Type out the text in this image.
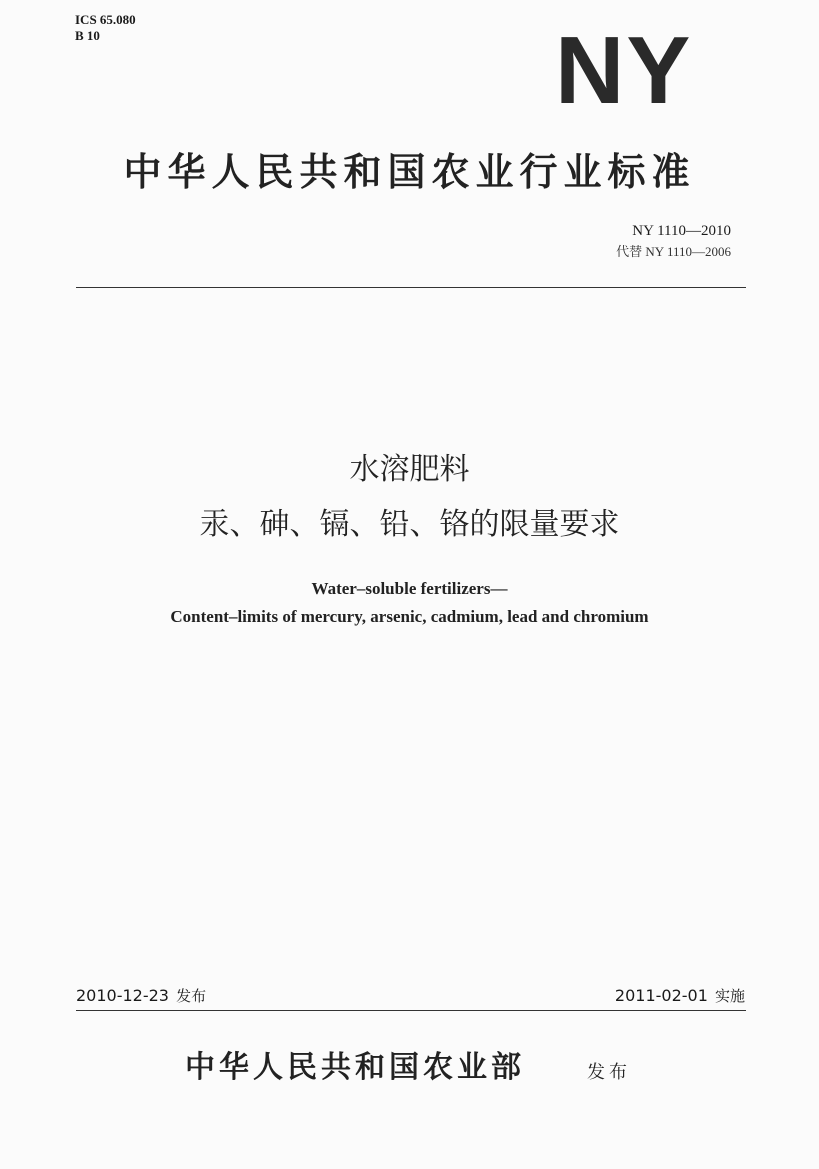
ICS 65.080
B 10	NY
中华人民共和国农业行业标准
NY 1110—2010
代替 NY 1110—2006
水溶肥料
汞、砷、镉、铅、铬的限量要求
Water–soluble fertilizers—
Content–limits of mercury, arsenic, cadmium, lead and chromium
2010-12-23 发布	2011-02-01 实施
中华人民共和国农业部	发布
